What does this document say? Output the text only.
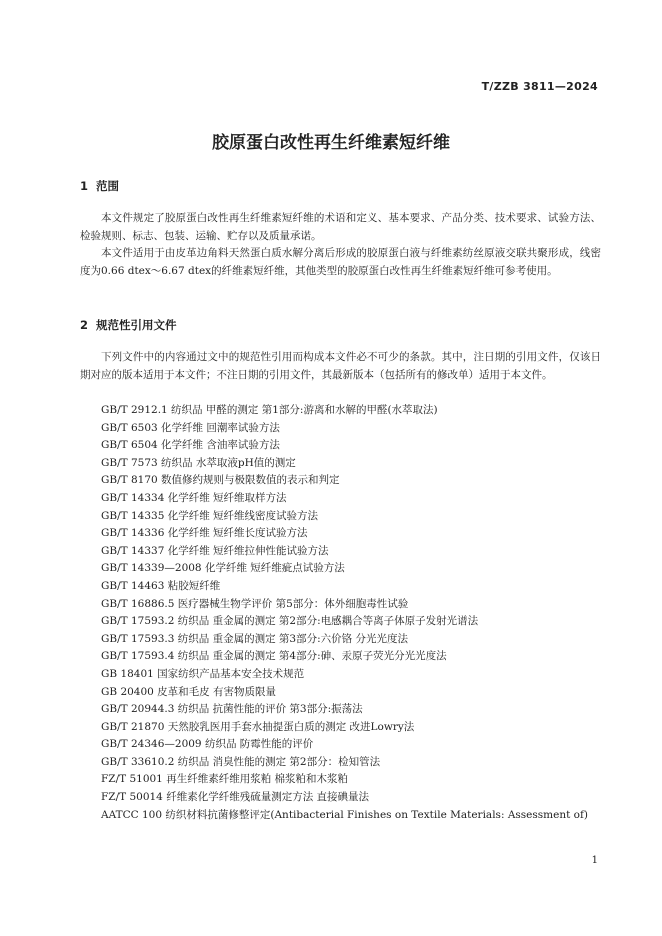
T/ZZB 3811—2024
胶原蛋白改性再生纤维素短纤维
1 范围
本文件规定了胶原蛋白改性再生纤维素短纤维的术语和定义、基本要求、产品分类、技术要求、试验方法、检验规则、标志、包装、运输、贮存以及质量承诺。
本文件适用于由皮革边角料天然蛋白质水解分离后形成的胶原蛋白液与纤维素纺丝原液交联共聚形成，线密度为0.66 dtex～6.67 dtex的纤维素短纤维，其他类型的胶原蛋白改性再生纤维素短纤维可参考使用。
2 规范性引用文件
下列文件中的内容通过文中的规范性引用而构成本文件必不可少的条款。其中，注日期的引用文件，仅该日期对应的版本适用于本文件；不注日期的引用文件，其最新版本（包括所有的修改单）适用于本文件。
GB/T 2912.1 纺织品 甲醛的测定 第1部分:游离和水解的甲醛(水萃取法)
GB/T 6503 化学纤维 回潮率试验方法
GB/T 6504 化学纤维 含油率试验方法
GB/T 7573 纺织品 水萃取液pH值的测定
GB/T 8170 数值修约规则与极限数值的表示和判定
GB/T 14334 化学纤维 短纤维取样方法
GB/T 14335 化学纤维 短纤维线密度试验方法
GB/T 14336 化学纤维 短纤维长度试验方法
GB/T 14337 化学纤维 短纤维拉伸性能试验方法
GB/T 14339—2008 化学纤维 短纤维疵点试验方法
GB/T 14463 粘胶短纤维
GB/T 16886.5 医疗器械生物学评价 第5部分：体外细胞毒性试验
GB/T 17593.2 纺织品 重金属的测定 第2部分:电感耦合等离子体原子发射光谱法
GB/T 17593.3 纺织品 重金属的测定 第3部分:六价铬 分光光度法
GB/T 17593.4 纺织品 重金属的测定 第4部分:砷、汞原子荧光分光光度法
GB 18401 国家纺织产品基本安全技术规范
GB 20400 皮革和毛皮 有害物质限量
GB/T 20944.3 纺织品 抗菌性能的评价 第3部分:振荡法
GB/T 21870 天然胶乳医用手套水抽提蛋白质的测定 改进Lowry法
GB/T 24346—2009 纺织品 防霉性能的评价
GB/T 33610.2 纺织品 消臭性能的测定 第2部分：检知管法
FZ/T 51001 再生纤维素纤维用浆粕 棉浆粕和木浆粕
FZ/T 50014 纤维素化学纤维残硫量测定方法 直接碘量法
AATCC 100 纺织材料抗菌修整评定(Antibacterial Finishes on Textile Materials: Assessment of)
1
